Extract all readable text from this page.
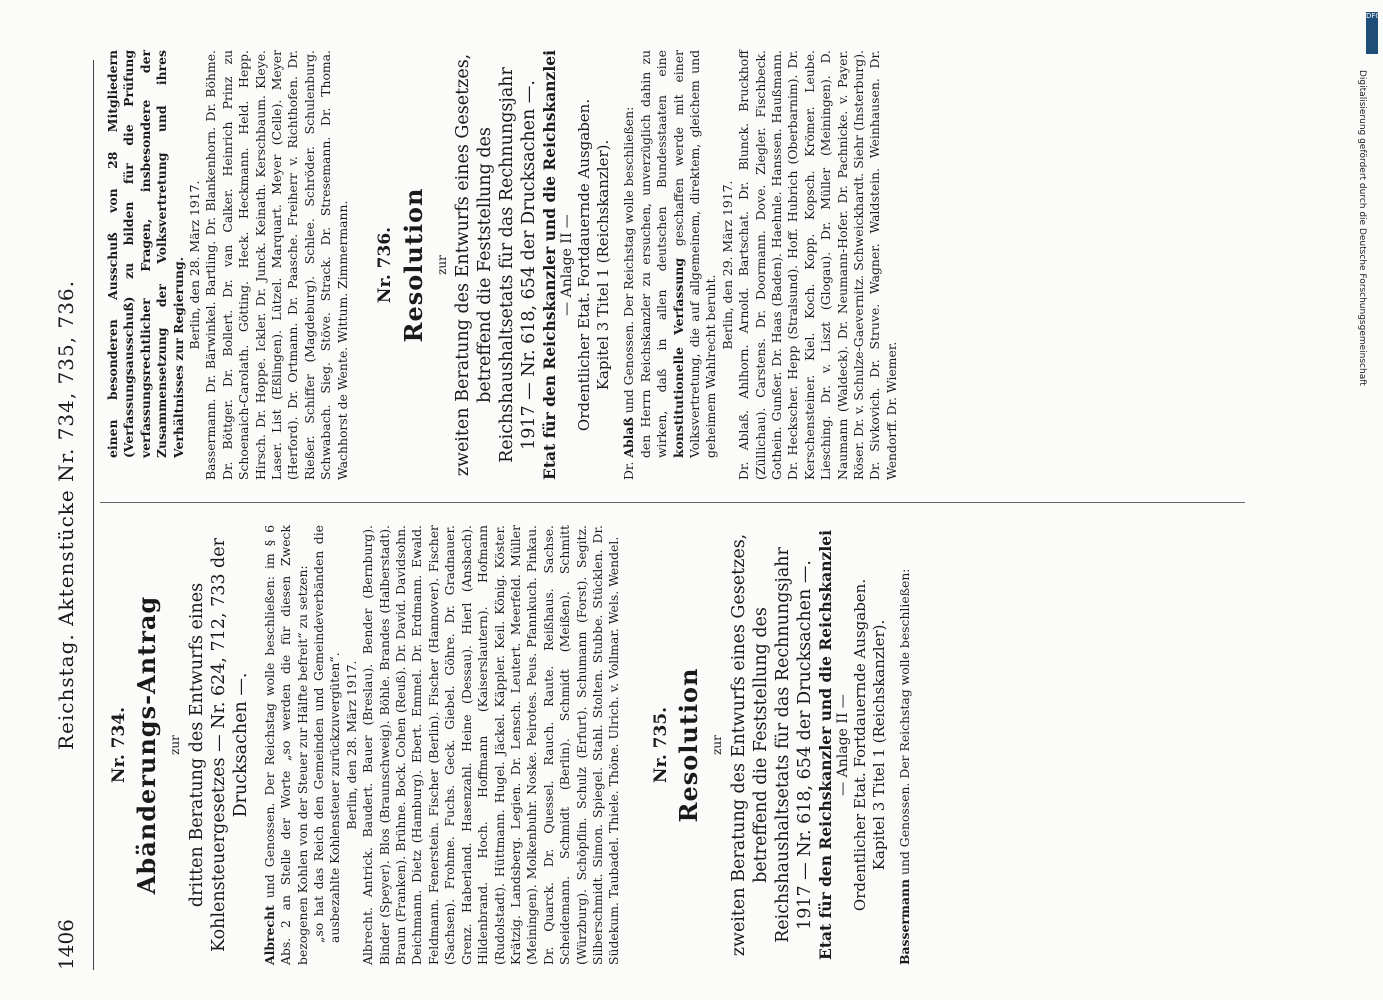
1406
Reichstag. Aktenstücke Nr. 734, 735, 736. Nr. 734. Abänderungs-Antrag zur dritten Beratung des Entwurfs eines Kohlensteuergesetzes — Nr. 624, 712, 733 der Drucksachen —.

Albrecht und Genossen. Der Reichstag wolle beschließen: im § 6 Abs. 2 an Stelle der Worte „so werden die für diesen Zweck bezogenen Kohlen von der Steuer zur Hälfte befreit“ zu setzen: „so hat das Reich den Gemeinden und Gemeindeverbänden die ausbezahlte Kohlensteuer zurückzuvergüten“. Berlin, den 28. März 1917. Albrecht. Antrick. Baudert. Bauer (Breslau). Bender (Bernburg). Binder (Speyer). Blos (Braunschweig). Böhle. Brandes (Halberstadt). Braun (Franken). Brühne. Bock. Cohen (Reuß). Dr. David. Davidsohn. Deichmann. Dietz (Hamburg). Ebert. Emmel. Dr. Erdmann. Ewald. Feldmann. Fenerstein. Fischer (Berlin). Fischer (Hannover). Fischer (Sachsen). Frohme. Fuchs. Geck. Giebel. Göhre. Dr. Gradnauer. Grenz. Haberland. Hasenzahl. Heine (Dessau). Hierl (Ansbach). Hildenbrand. Hoch. Hoffmann (Kaiserslautern). Hofmann (Rudolstadt). Hüttmann. Hugel. Jäckel. Käppler. Keil. König. Köster. Krätzig. Landsberg. Legien. Dr. Lensch. Leutert. Meerfeld. Müller (Meiningen). Molkenbuhr. Noske. Peirotes. Peus. Pfannkuch. Pinkau. Dr. Quarck. Dr. Quessel. Rauch. Raute. Reißhaus. Sachse. Scheidemann. Schmidt (Berlin). Schmidt (Meißen). Schmitt (Würzburg). Schöpflin. Schulz (Erfurt). Schumann (Forst). Segitz. Silberschmidt. Simon. Spiegel. Stahl. Stolten. Stubbe. Stücklen. Dr. Südekum. Taubadel. Thiele. Thöne. Ulrich. v. Vollmar. Wels. Wendel. Nr. 735. Resolution zur zweiten Beratung des Entwurfs eines Gesetzes, betreffend die Feststellung des Reichshaushaltsetats für das Rechnungsjahr 1917 — Nr. 618, 654 der Drucksachen —. Etat für den Reichskanzler und die Reichskanzlei — Anlage II — Ordentlicher Etat. Fortdauernde Ausgaben. Kapitel 3 Titel 1 (Reichskanzler).

Bassermann und Genossen. Der Reichstag wolle beschließen:

einen besonderen Ausschuß von 28 Mitgliedern (Verfassungsausschuß) zu bilden für die Prüfung verfassungsrechtlicher Fragen, insbesondere der Zusammensetzung der Volksvertretung und ihres Verhältnisses zur Regierung. Berlin, den 28. März 1917. Bassermann. Dr. Bärwinkel. Bartling. Dr. Blankenhorn. Dr. Böhme. Dr. Böttger. Dr. Bollert. Dr. van Calker. Heinrich Prinz zu Schoenaich-Carolath. Götting. Heck. Heckmann. Held. Hepp. Hirsch. Dr. Hoppe. Ickler. Dr. Junck. Keinath. Kerschbaum. Kleye. Laser. List (Eßlingen). Lützel. Marquart. Meyer (Celle). Meyer (Herford). Dr. Ortmann. Dr. Paasche. Freiherr v. Richthofen. Dr. Rießer. Schiffer (Magdeburg). Schlee. Schröder. Schulenburg. Schwabach. Sieg. Stöve. Strack. Dr. Stresemann. Dr. Thoma. Wachhorst de Wente. Wittum. Zimmermann. Nr. 736. Resolution zur zweiten Beratung des Entwurfs eines Gesetzes, betreffend die Feststellung des Reichshaushaltsetats für das Rechnungsjahr 1917 — Nr. 618, 654 der Drucksachen —. Etat für den Reichskanzler und die Reichskanzlei — Anlage II — Ordentlicher Etat. Fortdauernde Ausgaben. Kapitel 3 Titel 1 (Reichskanzler).

Dr. Ablaß und Genossen. Der Reichstag wolle beschließen: den Herrn Reichskanzler zu ersuchen, unverzüglich dahin zu wirken, daß in allen deutschen Bundesstaaten eine konstitutionelle Verfassung geschaffen werde mit einer Volksvertretung, die auf allgemeinem, direktem, gleichem und geheimem Wahlrecht beruht.

Berlin, den 29. März 1917. Dr. Ablaß. Ahlhorn. Arnold. Bartschat. Dr. Blunck. Bruckhoff (Züllichau). Carstens. Dr. Doormann. Dove. Ziegler. Fischbeck. Gothein. Gunßer. Dr. Haas (Baden). Haehnle. Hanssen. Haußmann. Dr. Heckscher. Hepp (Stralsund). Hoff. Hubrich (Oberbarnim). Dr. Kerschensteiner. Kiel. Koch. Kopp. Kopsch. Krömer. Leube. Liesching. Dr. v. Liszt (Glogau). Dr. Müller (Meiningen). D. Naumann (Waldeck). Dr. Neumann-Hofer. Dr. Pachnicke. v. Payer. Röser. Dr. v. Schulze-Gaevernitz. Schweickhardt. Siehr (Insterburg). Dr. Sivkovich. Dr. Struve. Wagner. Waldstein. Weinhausen. Dr. Wendorff. Dr. Wiemer.

DFG
Digitalisierung gefördert durch die Deutsche Forschungsgemeinschaft
